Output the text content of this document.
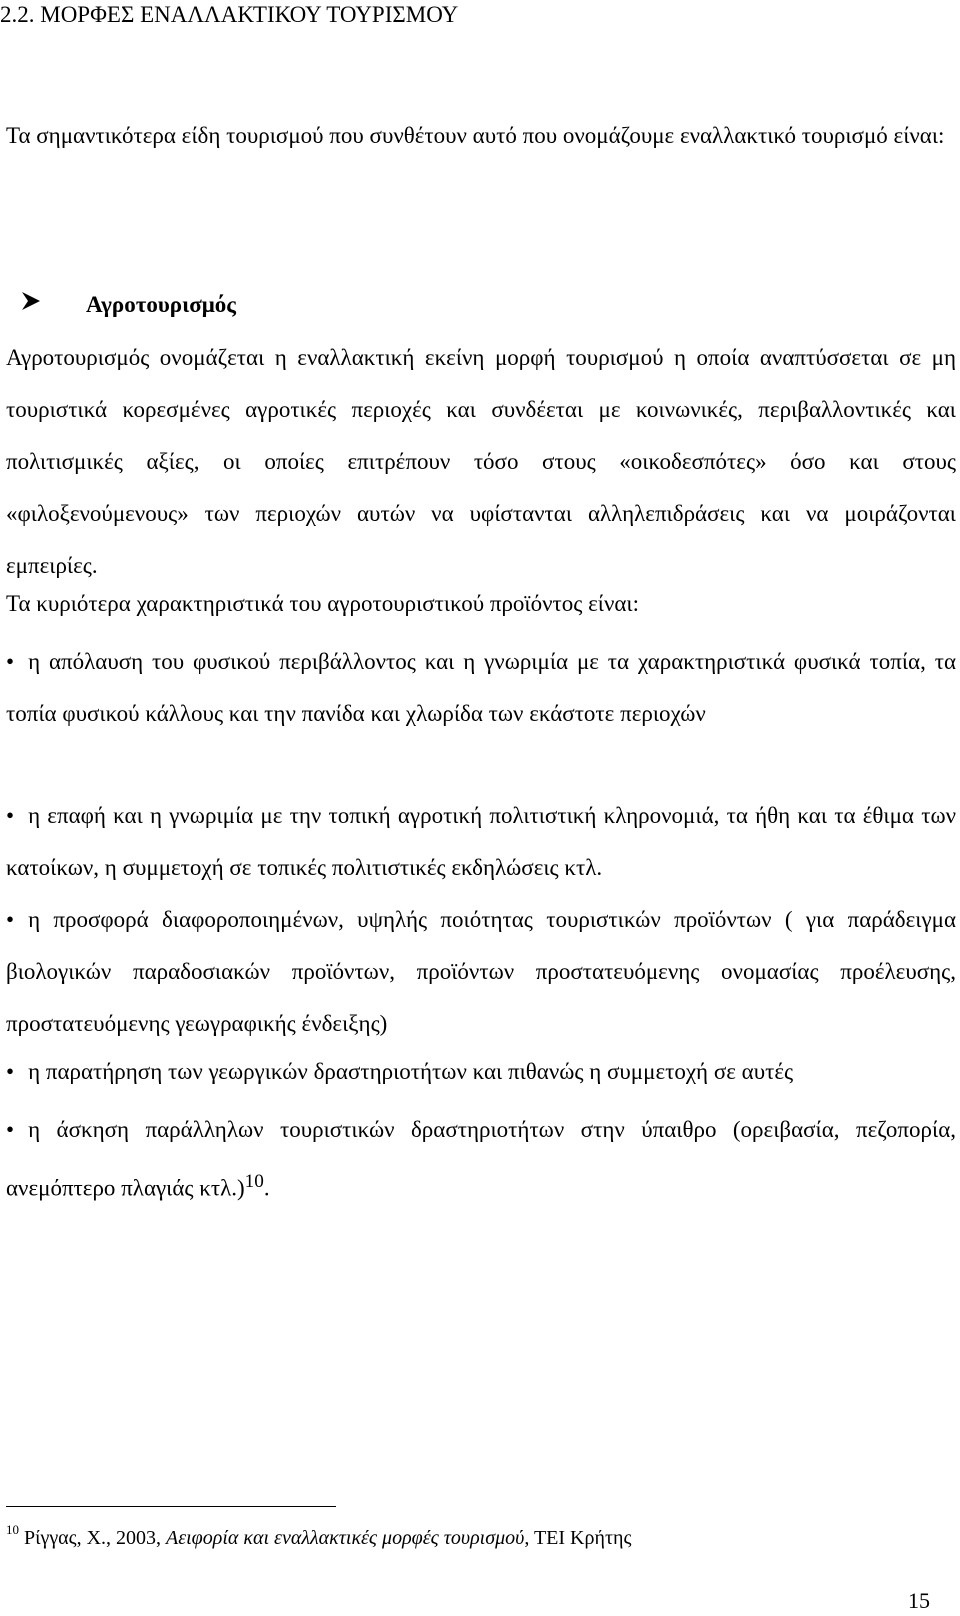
2.2. ΜΟΡΦΕΣ ΕΝΑΛΛΑΚΤΙΚΟΥ ΤΟΥΡΙΣΜΟΥ

Τα σημαντικότερα είδη τουρισμού που συνθέτουν αυτό που ονομάζουμε εναλλακτικό τουρισμό είναι:

Αγροτουρισμός

Αγροτουρισμός ονομάζεται η εναλλακτική εκείνη μορφή τουρισμού η οποία αναπτύσσεται σε μη τουριστικά κορεσμένες αγροτικές περιοχές και συνδέεται με κοινωνικές, περιβαλλοντικές και πολιτισμικές αξίες, οι οποίες επιτρέπουν τόσο στους «οικοδεσπότες» όσο και στους «φιλοξενούμενους» των περιοχών αυτών να υφίστανται αλληλεπιδράσεις και να μοιράζονται εμπειρίες.

Τα κυριότερα χαρακτηριστικά του αγροτουριστικού προϊόντος είναι:

• η απόλαυση του φυσικού περιβάλλοντος και η γνωριμία με τα χαρακτηριστικά φυσικά τοπία, τα τοπία φυσικού κάλλους και την πανίδα και χλωρίδα των εκάστοτε περιοχών

• η επαφή και η γνωριμία με την τοπική αγροτική πολιτιστική κληρονομιά, τα ήθη και τα έθιμα των κατοίκων, η συμμετοχή σε τοπικές πολιτιστικές εκδηλώσεις κτλ.

• η προσφορά διαφοροποιημένων, υψηλής ποιότητας τουριστικών προϊόντων ( για παράδειγμα βιολογικών παραδοσιακών προϊόντων, προϊόντων προστατευόμενης ονομασίας προέλευσης, προστατευόμενης γεωγραφικής ένδειξης)

• η παρατήρηση των γεωργικών δραστηριοτήτων και πιθανώς η συμμετοχή σε αυτές

• η άσκηση παράλληλων τουριστικών δραστηριοτήτων στην ύπαιθρο (ορειβασία, πεζοπορία, ανεμόπτερο πλαγιάς κτλ.)$^{10}$.

$^{10}$ Ρίγγας, Χ., 2003, Αειφορία και εναλλακτικές μορφές τουρισμού, ΤΕΙ Κρήτης
15
